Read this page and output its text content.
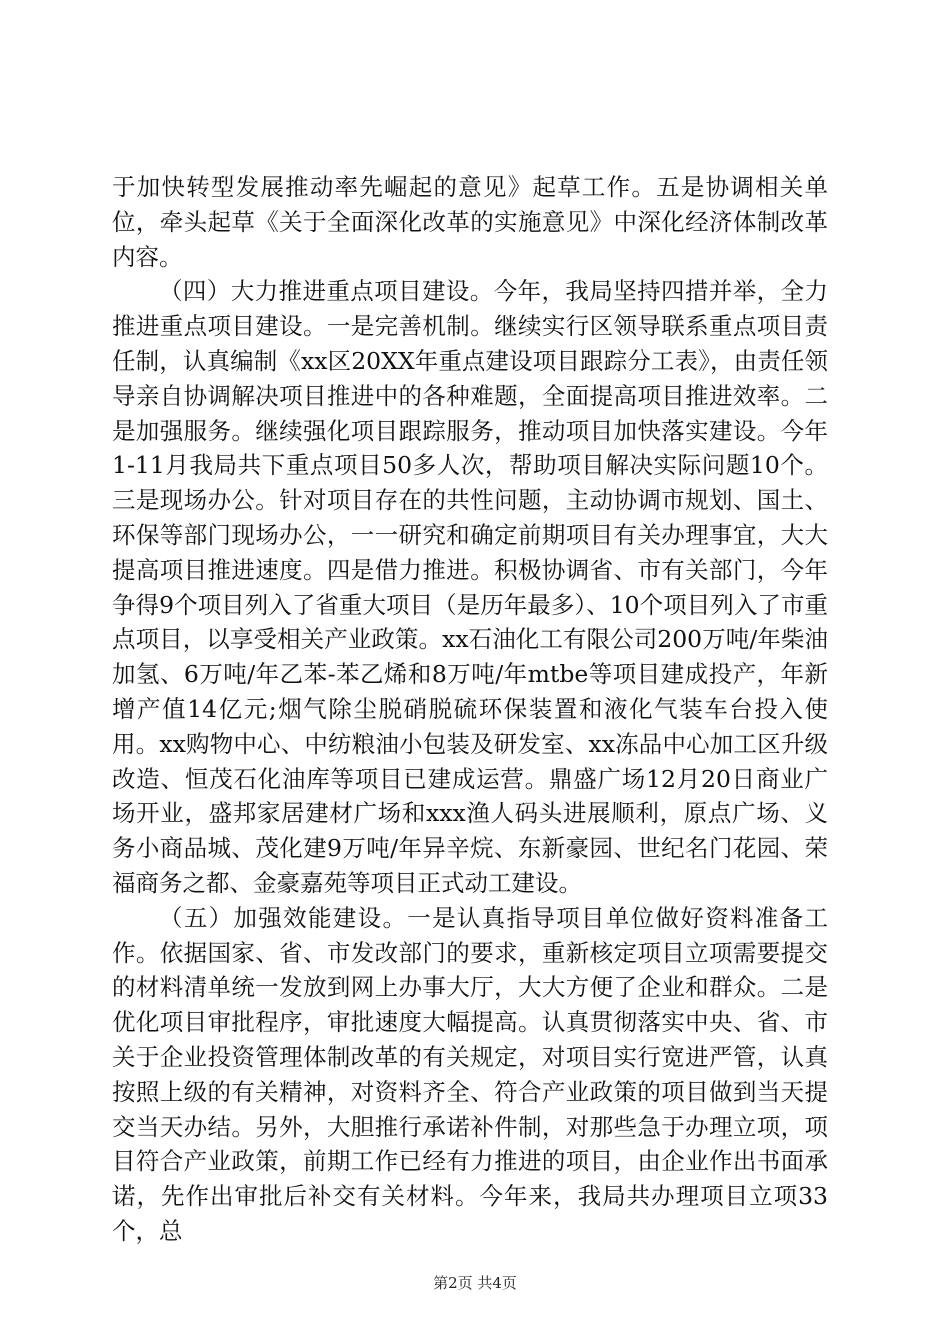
于加快转型发展推动率先崛起的意见》起草工作。五是协调相关单位，牵头起草《关于全面深化改革的实施意见》中深化经济体制改革内容。

（四）大力推进重点项目建设。今年，我局坚持四措并举，全力推进重点项目建设。一是完善机制。继续实行区领导联系重点项目责任制，认真编制《xx区20XX年重点建设项目跟踪分工表》，由责任领导亲自协调解决项目推进中的各种难题，全面提高项目推进效率。二是加强服务。继续强化项目跟踪服务，推动项目加快落实建设。今年1-11月我局共下重点项目50多人次，帮助项目解决实际问题10个。三是现场办公。针对项目存在的共性问题，主动协调市规划、国土、环保等部门现场办公，一一研究和确定前期项目有关办理事宜，大大提高项目推进速度。四是借力推进。积极协调省、市有关部门，今年争得9个项目列入了省重大项目（是历年最多）、10个项目列入了市重点项目，以享受相关产业政策。xx石油化工有限公司200万吨/年柴油加氢、6万吨/年乙苯-苯乙烯和8万吨/年mtbe等项目建成投产，年新增产值14亿元;烟气除尘脱硝脱硫环保装置和液化气装车台投入使用。xx购物中心、中纺粮油小包装及研发室、xx冻品中心加工区升级改造、恒茂石化油库等项目已建成运营。鼎盛广场12月20日商业广场开业，盛邦家居建材广场和xxx渔人码头进展顺利，原点广场、义务小商品城、茂化建9万吨/年异辛烷、东新豪园、世纪名门花园、荣福商务之都、金豪嘉苑等项目正式动工建设。

（五）加强效能建设。一是认真指导项目单位做好资料准备工作。依据国家、省、市发改部门的要求，重新核定项目立项需要提交的材料清单统一发放到网上办事大厅，大大方便了企业和群众。二是优化项目审批程序，审批速度大幅提高。认真贯彻落实中央、省、市关于企业投资管理体制改革的有关规定，对项目实行宽进严管，认真按照上级的有关精神，对资料齐全、符合产业政策的项目做到当天提交当天办结。另外，大胆推行承诺补件制，对那些急于办理立项，项目符合产业政策，前期工作已经有力推进的项目，由企业作出书面承诺，先作出审批后补交有关材料。今年来，我局共办理项目立项33个，总

第2页 共4页
